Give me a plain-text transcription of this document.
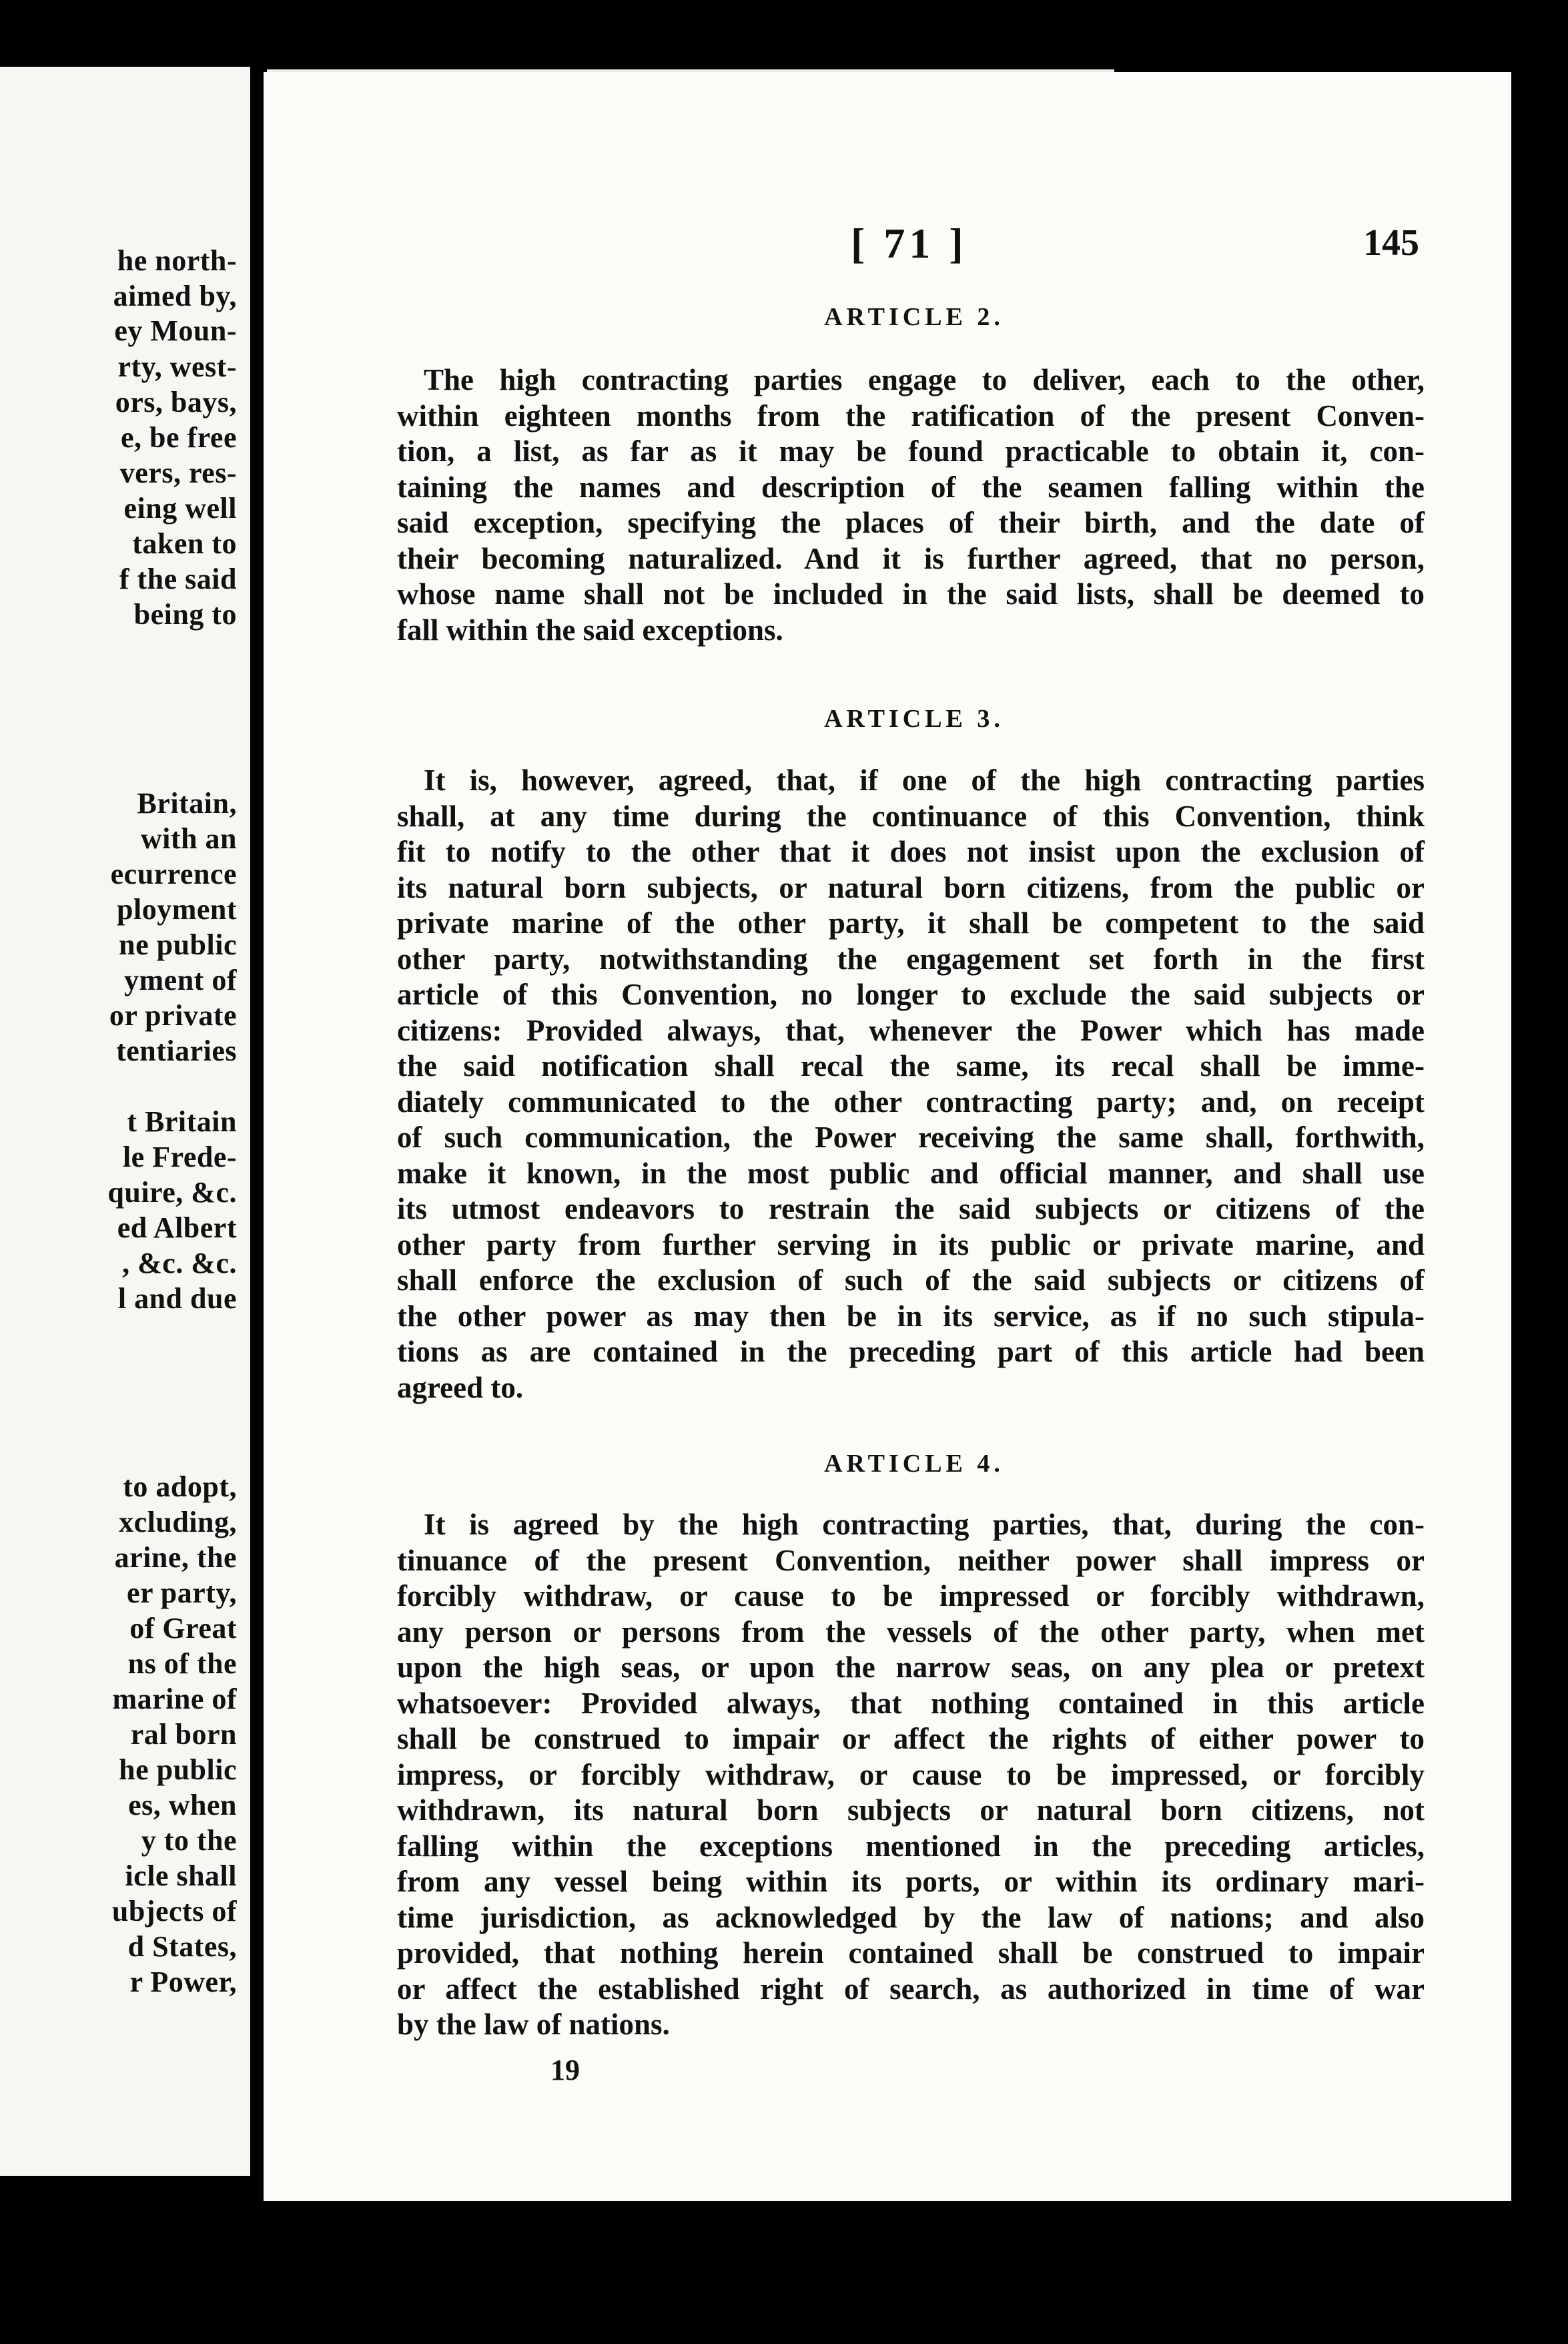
he north-
aimed by,
ey Moun-
rty, west-
ors, bays,
e, be free
vers, res-
eing well
taken to
f the said
being to
Britain,
with an
ecurrence
ployment
ne public
yment of
or private
tentiaries
t Britain
le Frede-
quire, &c.
ed Albert
, &c. &c.
l and due
to adopt,
xcluding,
arine, the
er party,
of Great
ns of the
marine of
ral born
he public
es, when
y to the
icle shall
ubjects of
d States,
r Power,
[ 71 ]	145
ARTICLE 2.
The high contracting parties engage to deliver, each to the other,
within eighteen months from the ratification of the present Conven-
tion, a list, as far as it may be found practicable to obtain it, con-
taining the names and description of the seamen falling within the
said exception, specifying the places of their birth, and the date of
their becoming naturalized. And it is further agreed, that no person,
whose name shall not be included in the said lists, shall be deemed to
fall within the said exceptions.
ARTICLE 3.
It is, however, agreed, that, if one of the high contracting parties
shall, at any time during the continuance of this Convention, think
fit to notify to the other that it does not insist upon the exclusion of
its natural born subjects, or natural born citizens, from the public or
private marine of the other party, it shall be competent to the said
other party, notwithstanding the engagement set forth in the first
article of this Convention, no longer to exclude the said subjects or
citizens: Provided always, that, whenever the Power which has made
the said notification shall recal the same, its recal shall be imme-
diately communicated to the other contracting party; and, on receipt
of such communication, the Power receiving the same shall, forthwith,
make it known, in the most public and official manner, and shall use
its utmost endeavors to restrain the said subjects or citizens of the
other party from further serving in its public or private marine, and
shall enforce the exclusion of such of the said subjects or citizens of
the other power as may then be in its service, as if no such stipula-
tions as are contained in the preceding part of this article had been
agreed to.
ARTICLE 4.
It is agreed by the high contracting parties, that, during the con-
tinuance of the present Convention, neither power shall impress or
forcibly withdraw, or cause to be impressed or forcibly withdrawn,
any person or persons from the vessels of the other party, when met
upon the high seas, or upon the narrow seas, on any plea or pretext
whatsoever: Provided always, that nothing contained in this article
shall be construed to impair or affect the rights of either power to
impress, or forcibly withdraw, or cause to be impressed, or forcibly
withdrawn, its natural born subjects or natural born citizens, not
falling within the exceptions mentioned in the preceding articles,
from any vessel being within its ports, or within its ordinary mari-
time jurisdiction, as acknowledged by the law of nations; and also
provided, that nothing herein contained shall be construed to impair
or affect the established right of search, as authorized in time of war
by the law of nations.
19
